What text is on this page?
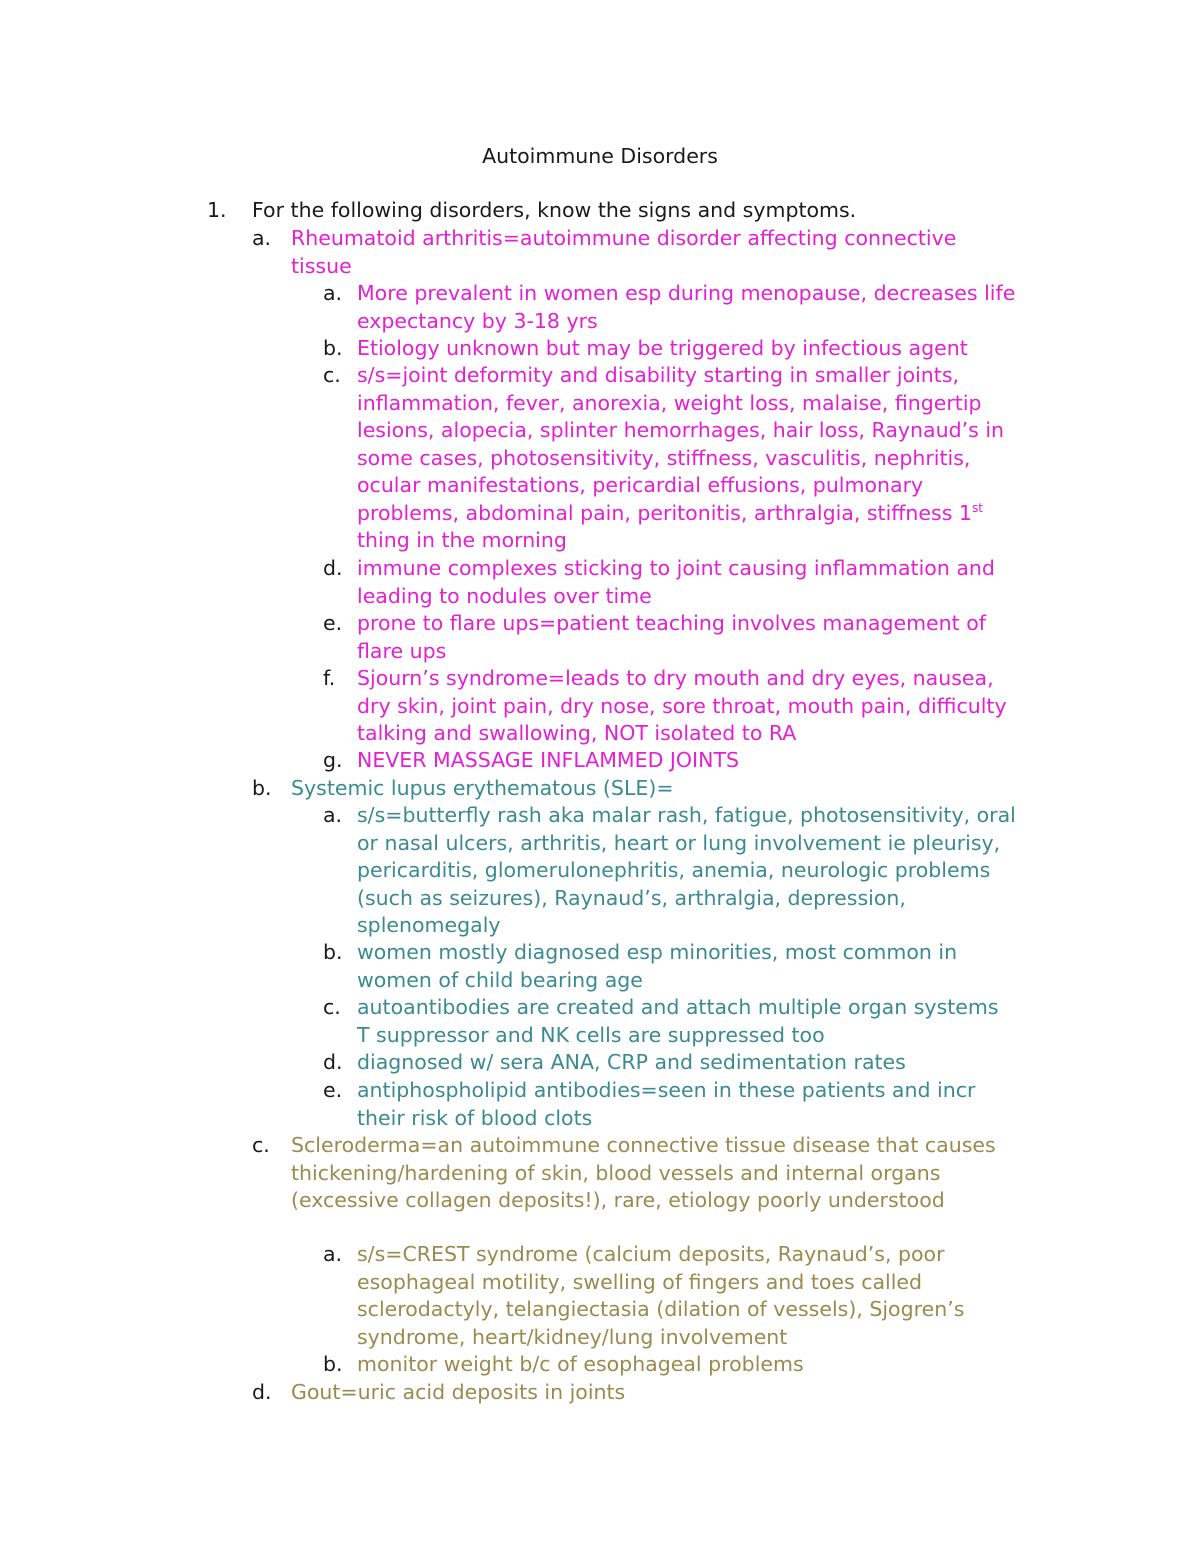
Autoimmune Disorders
1. For the following disorders, know the signs and symptoms.
a. Rheumatoid arthritis=autoimmune disorder affecting connective tissue
a. More prevalent in women esp during menopause, decreases life expectancy by 3-18 yrs
b. Etiology unknown but may be triggered by infectious agent
c. s/s=joint deformity and disability starting in smaller joints, inflammation, fever, anorexia, weight loss, malaise, fingertip lesions, alopecia, splinter hemorrhages, hair loss, Raynaud’s in some cases, photosensitivity, stiffness, vasculitis, nephritis, ocular manifestations, pericardial effusions, pulmonary problems, abdominal pain, peritonitis, arthralgia, stiffness 1st thing in the morning
d. immune complexes sticking to joint causing inflammation and leading to nodules over time
e. prone to flare ups=patient teaching involves management of flare ups
f. Sjourn’s syndrome=leads to dry mouth and dry eyes, nausea, dry skin, joint pain, dry nose, sore throat, mouth pain, difficulty talking and swallowing, NOT isolated to RA
g. NEVER MASSAGE INFLAMMED JOINTS
b. Systemic lupus erythematous (SLE)=
a. s/s=butterfly rash aka malar rash, fatigue, photosensitivity, oral or nasal ulcers, arthritis, heart or lung involvement ie pleurisy, pericarditis, glomerulonephritis, anemia, neurologic problems (such as seizures), Raynaud’s, arthralgia, depression, splenomegaly
b. women mostly diagnosed esp minorities, most common in women of child bearing age
c. autoantibodies are created and attach multiple organ systems T suppressor and NK cells are suppressed too
d. diagnosed w/ sera ANA, CRP and sedimentation rates
e. antiphospholipid antibodies=seen in these patients and incr their risk of blood clots
c. Scleroderma=an autoimmune connective tissue disease that causes thickening/hardening of skin, blood vessels and internal organs (excessive collagen deposits!), rare, etiology poorly understood
a. s/s=CREST syndrome (calcium deposits, Raynaud’s, poor esophageal motility, swelling of fingers and toes called sclerodactyly, telangiectasia (dilation of vessels), Sjogren’s syndrome, heart/kidney/lung involvement
b. monitor weight b/c of esophageal problems
d. Gout=uric acid deposits in joints
